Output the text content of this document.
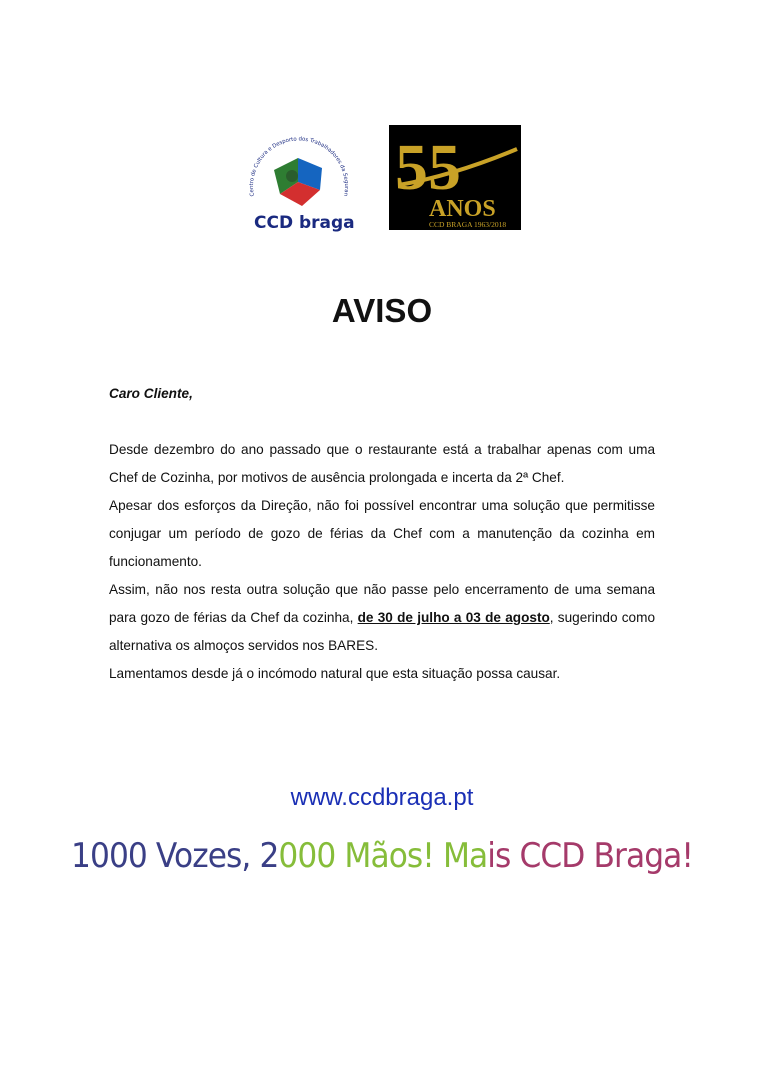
Centro de Cultura e Desporto dos Trabalhadores da Seguran
CCD braga
55
ANOS
CCD BRAGA 1963/2018
AVISO

Caro Cliente,

Desde dezembro do ano passado que o restaurante está a trabalhar apenas com uma Chef de Cozinha, por motivos de ausência prolongada e incerta da 2ª Chef.

Apesar dos esforços da Direção, não foi possível encontrar uma solução que permitisse conjugar um período de gozo de férias da Chef com a manutenção da cozinha em funcionamento.

Assim, não nos resta outra solução que não passe pelo encerramento de uma semana para gozo de férias da Chef da cozinha, de 30 de julho a 03 de agosto, sugerindo como alternativa os almoços servidos nos BARES.

Lamentamos desde já o incómodo natural que esta situação possa causar.

www.ccdbraga.pt

1000 Vozes, 2000 Mãos! Mais CCD Braga!
